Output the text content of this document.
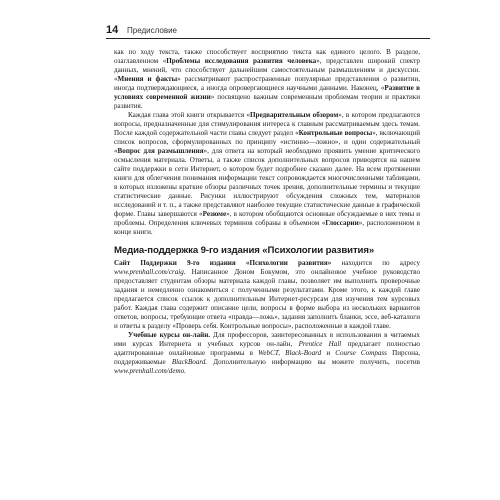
14 Предисловие

как по ходу текста, также способствует восприятию текста как единого целого. В разделе, озаглавленном «Проблемы исследования развития человека», представлен широкий спектр данных, мнений, что способствует дальнейшим самостоятельным размышлениям и дискуссии. «Мнения и факты» рассматривают распространенные популярные представления о развитии, иногда подтверждающиеся, а иногда опровергающиеся научными данными. Наконец, «Развитие в условиях современной жизни» посвящено важным современным проблемам теории и практики развития.

Каждая глава этой книги открывается «Предварительным обзором», в котором предлагаются вопросы, предназначенные для стимулирования интереса к главным рассматриваемым здесь темам. После каждой содержательной части главы следует раздел «Контрольные вопросы», включающий список вопросов, сформулированных по принципу «истинно—ложно», и один содержательный «Вопрос для размышления», для ответа на который необходимо проявить умение критического осмысления материала. Ответы, а также список дополнительных вопросов приводятся на нашем сайте поддержки в сети Интернет, о котором будет подробнее сказано далее. На всем протяжении книги для облегчения понимания информации текст сопровождается многочисленными таблицами, в которых изложены краткие обзоры различных точек зрения, дополнительные термины и текущие статистические данные. Рисунки иллюстрируют обсуждения сложных тем, материалов исследований и т. п., а также представляют наиболее текущие статистические данные в графической форме. Главы завершаются «Резюме», в котором обобщаются основные обсуждаемые в них темы и проблемы. Определения ключевых терминов собраны в объемном «Глоссарии», расположенном в конце книги.

Медиа-поддержка 9-го издания «Психологии развития»

Сайт Поддержки 9-го издания «Психологии развития» находится по адресу www.prenhall.com/craig. Написанное Доном Бокумом, это онлайновое учебное руководство предоставляет студентам обзоры материала каждой главы, позволяет им выполнить проверочные задания и немедленно ознакомиться с полученными результатами. Кроме этого, к каждой главе предлагается список ссылок к дополнительным Интернет-ресурсам для изучения тем курсовых работ. Каждая глава содержит описание цели, вопросы в форме выбора из нескольких вариантов ответов, вопросы, требующие ответа «правда—ложь», задания заполнить бланки, эссе, веб-каталоги и ответы к разделу «Проверь себя. Контрольные вопросы», расположенные в каждой главе.

Учебные курсы он-лайн. Для профессоров, заинтересованных в использовании в читаемых ими курсах Интернета и учебных курсов он-лайн, Prentice Hall предлагает полностью адаптированные онлайновые программы в WebCT, Black-Board и Course Compass Пирсона, поддерживаемые BlackBoard. Дополнительную информацию вы можете получить, посетив www.prenhall.com/demo.
